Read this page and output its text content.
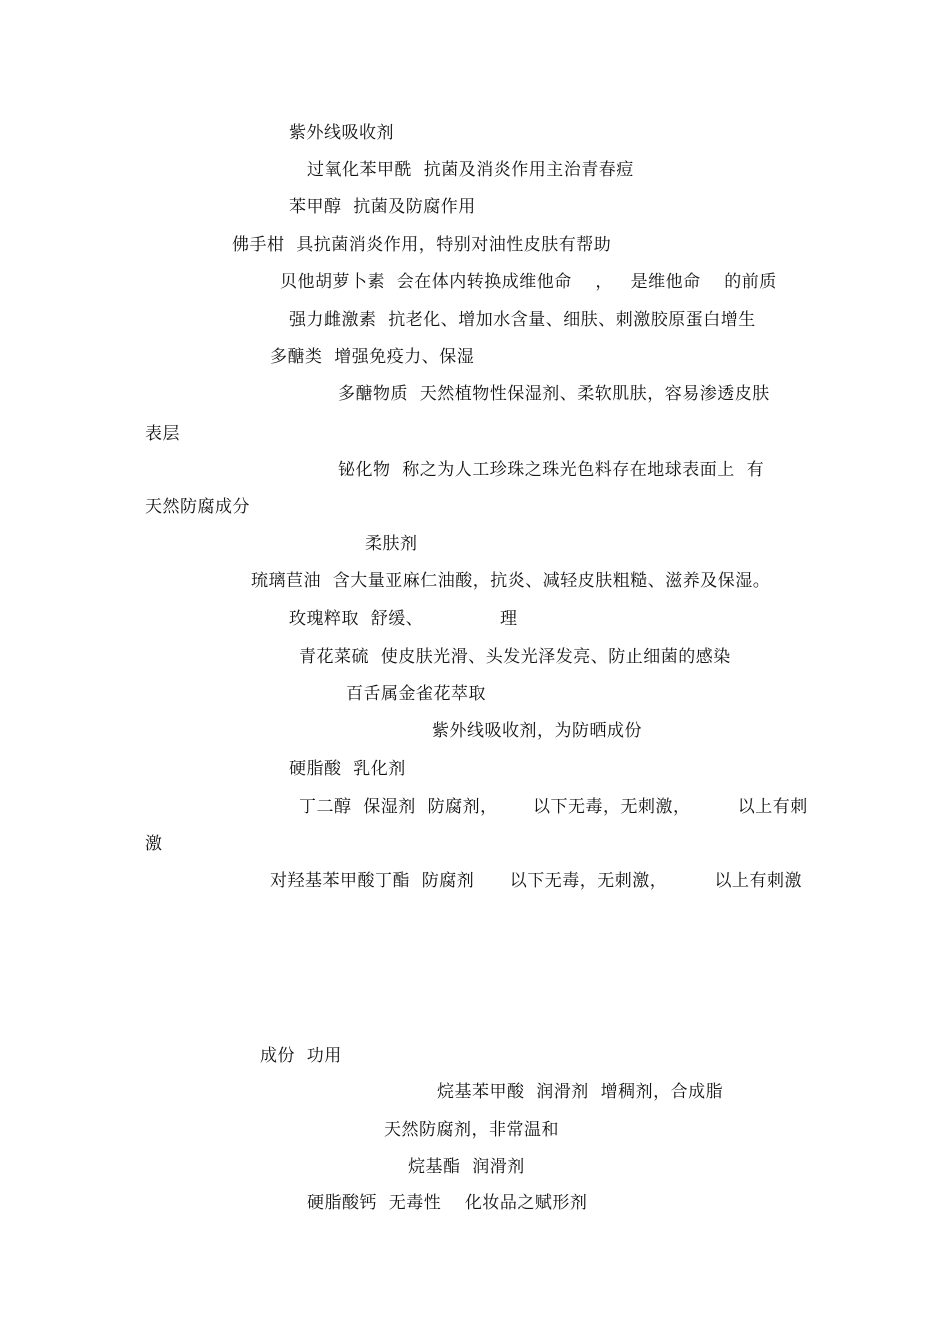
紫外线吸收剂
过氧化苯甲酰  抗菌及消炎作用主治青春痘
苯甲醇  抗菌及防腐作用
佛手柑  具抗菌消炎作用，特别对油性皮肤有帮助
贝他胡萝卜素  会在体内转换成维他命    ，   是维他命    的前质
强力雌激素  抗老化、增加水含量、细肤、刺激胶原蛋白增生
多醣类  增强免疫力、保湿
多醣物质  天然植物性保湿剂、柔软肌肤，容易渗透皮肤
表层
铋化物  称之为人工珍珠之珠光色料存在地球表面上  有
天然防腐成分
柔肤剂
琉璃苣油  含大量亚麻仁油酸，抗炎、减轻皮肤粗糙、滋养及保湿。
玫瑰粹取  舒缓、             理
青花菜硫  使皮肤光滑、头发光泽发亮、防止细菌的感染
百舌属金雀花萃取
紫外线吸收剂，为防晒成份
硬脂酸  乳化剂
丁二醇  保湿剂  防腐剂，      以下无毒，无刺激，        以上有刺
激
对羟基苯甲酸丁酯  防腐剂      以下无毒，无刺激，        以上有刺激
成份  功用
烷基苯甲酸  润滑剂  增稠剂，合成脂
天然防腐剂，非常温和
烷基酯  润滑剂
硬脂酸钙  无毒性    化妆品之赋形剂
